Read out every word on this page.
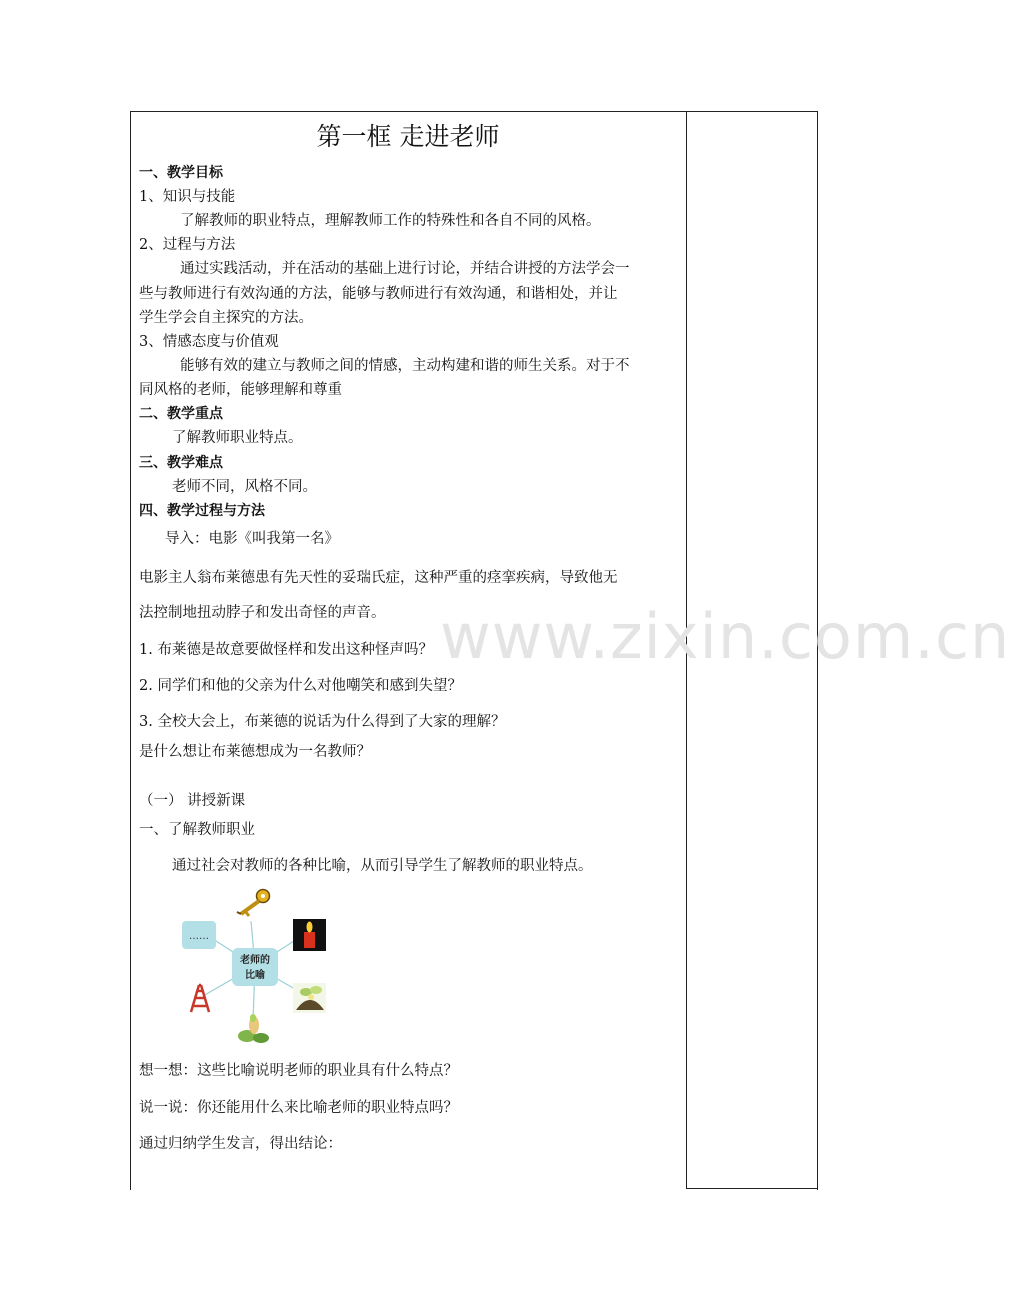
第一框 走进老师
一、教学目标
1、知识与技能
了解教师的职业特点，理解教师工作的特殊性和各自不同的风格。
2、过程与方法
通过实践活动，并在活动的基础上进行讨论，并结合讲授的方法学会一
些与教师进行有效沟通的方法，能够与教师进行有效沟通，和谐相处，并让
学生学会自主探究的方法。
3、情感态度与价值观
能够有效的建立与教师之间的情感，主动构建和谐的师生关系。对于不
同风格的老师，能够理解和尊重
二、教学重点
了解教师职业特点。
三、教学难点
老师不同，风格不同。
四、教学过程与方法
导入：电影《叫我第一名》
电影主人翁布莱德患有先天性的妥瑞氏症，这种严重的痉挛疾病，导致他无
法控制地扭动脖子和发出奇怪的声音。
1. 布莱德是故意要做怪样和发出这种怪声吗？
2. 同学们和他的父亲为什么对他嘲笑和感到失望？
3. 全校大会上，布莱德的说话为什么得到了大家的理解？
是什么想让布莱德想成为一名教师？
（一） 讲授新课
一、了解教师职业
通过社会对教师的各种比喻，从而引导学生了解教师的职业特点。
老师的
比喻
……
想一想：这些比喻说明老师的职业具有什么特点？
说一说：你还能用什么来比喻老师的职业特点吗？
通过归纳学生发言，得出结论：
www.zixin.com.cn
